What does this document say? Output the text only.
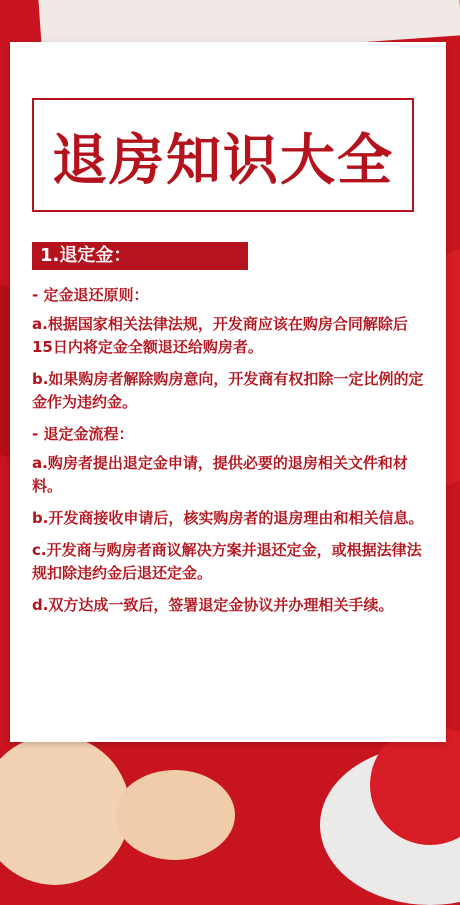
退房知识大全
1.退定金：

- 定金退还原则：

a.根据国家相关法律法规，开发商应该在购房合同解除后15日内将定金全额退还给购房者。

b.如果购房者解除购房意向，开发商有权扣除一定比例的定金作为违约金。

- 退定金流程：

a.购房者提出退定金申请，提供必要的退房相关文件和材料。

b.开发商接收申请后，核实购房者的退房理由和相关信息。

c.开发商与购房者商议解决方案并退还定金，或根据法律法规扣除违约金后退还定金。

d.双方达成一致后，签署退定金协议并办理相关手续。
